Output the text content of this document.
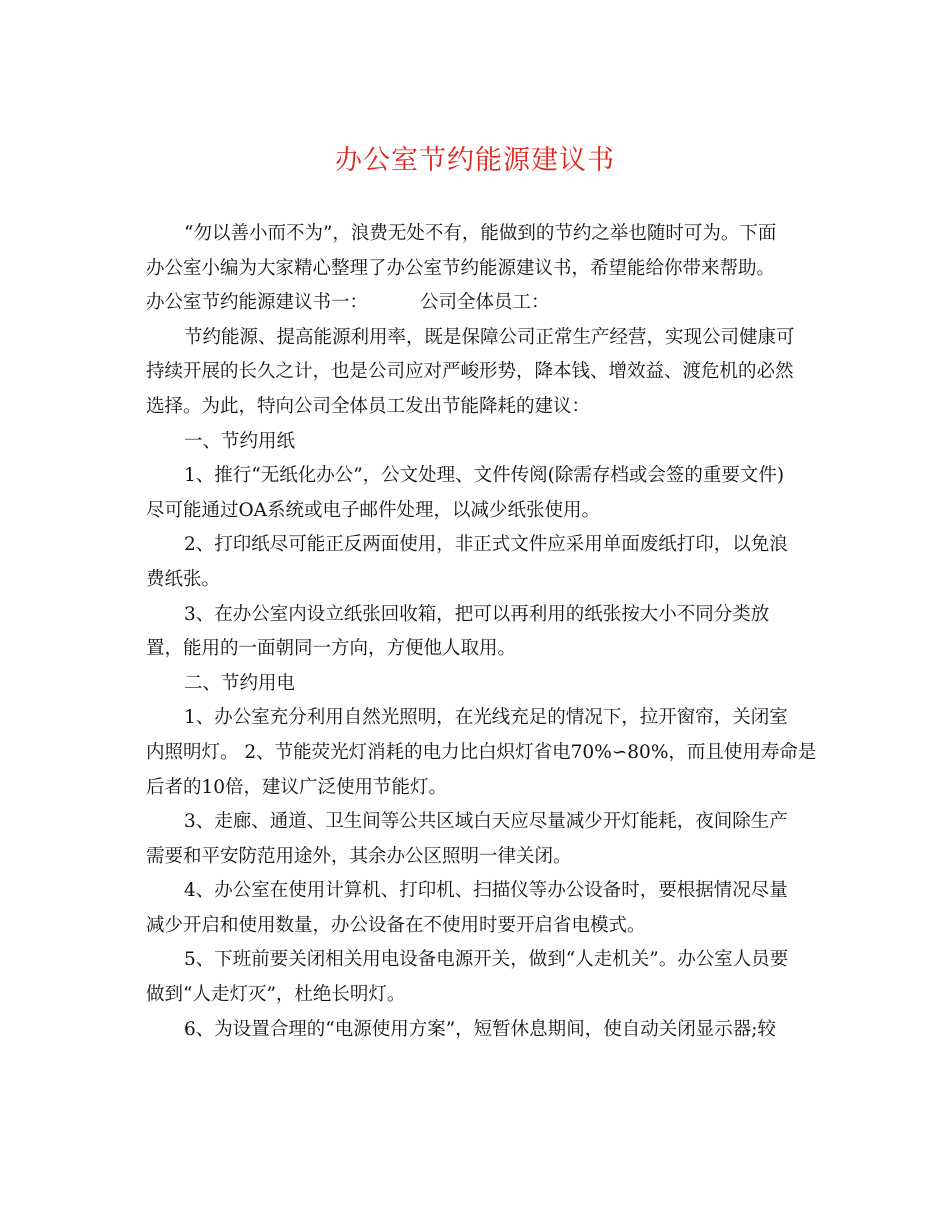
办公室节约能源建议书
“勿以善小而不为”，浪费无处不有，能做到的节约之举也随时可为。下面
办公室小编为大家精心整理了办公室节约能源建议书，希望能给你带来帮助。
办公室节约能源建议书一：	公司全体员工：
节约能源、提高能源利用率，既是保障公司正常生产经营，实现公司健康可
持续开展的长久之计，也是公司应对严峻形势，降本钱、增效益、渡危机的必然
选择。为此，特向公司全体员工发出节能降耗的建议：
一、节约用纸
1、推行“无纸化办公”，公文处理、文件传阅(除需存档或会签的重要文件)
尽可能通过OA系统或电子邮件处理，以减少纸张使用。
2、打印纸尽可能正反两面使用，非正式文件应采用单面废纸打印，以免浪
费纸张。
3、在办公室内设立纸张回收箱，把可以再利用的纸张按大小不同分类放
置，能用的一面朝同一方向，方便他人取用。
二、节约用电
1、办公室充分利用自然光照明，在光线充足的情况下，拉开窗帘，关闭室
内照明灯。 2、节能荧光灯消耗的电力比白炽灯省电70%∽80%，而且使用寿命是
后者的10倍，建议广泛使用节能灯。
3、走廊、通道、卫生间等公共区域白天应尽量减少开灯能耗，夜间除生产
需要和平安防范用途外，其余办公区照明一律关闭。
4、办公室在使用计算机、打印机、扫描仪等办公设备时，要根据情况尽量
减少开启和使用数量，办公设备在不使用时要开启省电模式。
5、下班前要关闭相关用电设备电源开关，做到“人走机关”。办公室人员要
做到“人走灯灭”，杜绝长明灯。
6、为设置合理的“电源使用方案”，短暂休息期间，使自动关闭显示器;较
